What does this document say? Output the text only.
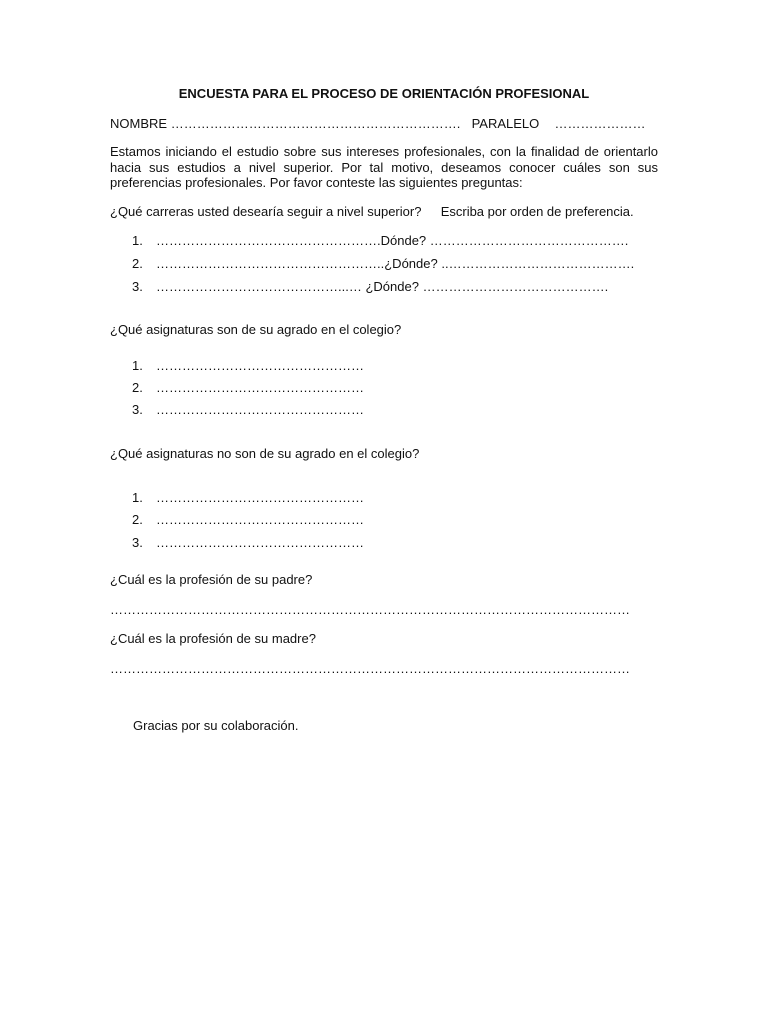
ENCUESTA PARA EL PROCESO DE ORIENTACIÓN PROFESIONAL
NOMBRE …………………………………………………………. PARALELO …………………
Estamos iniciando el estudio sobre sus intereses profesionales, con la finalidad de orientarlo hacia sus estudios a nivel superior. Por tal motivo, deseamos conocer cuáles son sus preferencias profesionales. Por favor conteste las siguientes preguntas:
¿Qué carreras usted desearía seguir a nivel superior? Escriba por orden de preferencia.
1. …………………………………………….Dónde? ……………………………………….
2. ……………………………………………..¿Dónde? ..…………………………………….
3. ……………………………………...… ¿Dónde? …………………………………….
¿Qué asignaturas son de su agrado en el colegio?
1. …………………………………………
2. …………………………………………
3. …………………………………………
¿Qué asignaturas no son de su agrado en el colegio?
1. …………………………………………
2. …………………………………………
3. …………………………………………
¿Cuál es la profesión de su padre?
…………………………………………………………………………………………………………
¿Cuál es la profesión de su madre?
…………………………………………………………………………………………………………
Gracias por su colaboración.
